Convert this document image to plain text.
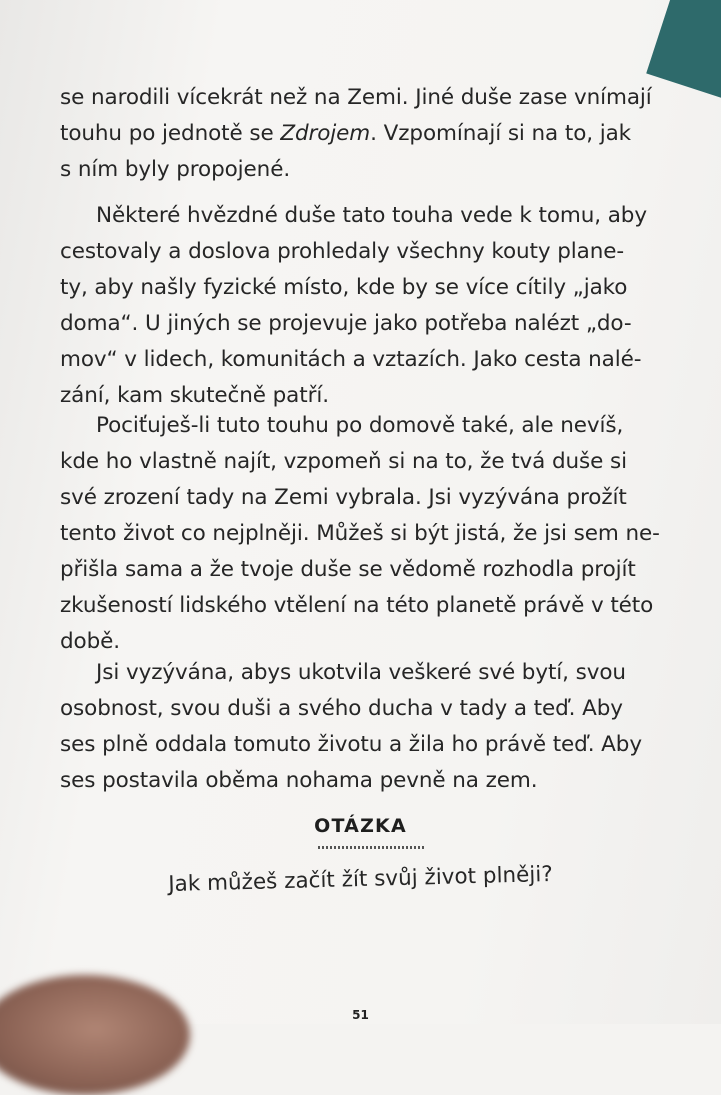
se narodili vícekrát než na Zemi. Jiné duše zase vnímají
touhu po jednotě se Zdrojem. Vzpomínají si na to, jak
s ním byly propojené.
Některé hvězdné duše tato touha vede k tomu, aby
cestovaly a doslova prohledaly všechny kouty plane-
ty, aby našly fyzické místo, kde by se více cítily „jako
doma“. U jiných se projevuje jako potřeba nalézt „do-
mov“ v lidech, komunitách a vztazích. Jako cesta nalé-
zání, kam skutečně patří.
Pociťuješ-li tuto touhu po domově také, ale nevíš,
kde ho vlastně najít, vzpomeň si na to, že tvá duše si
své zrození tady na Zemi vybrala. Jsi vyzývána prožít
tento život co nejplněji. Můžeš si být jistá, že jsi sem ne-
přišla sama a že tvoje duše se vědomě rozhodla projít
zkušeností lidského vtělení na této planetě právě v této
době.
Jsi vyzývána, abys ukotvila veškeré své bytí, svou
osobnost, svou duši a svého ducha v tady a teď. Aby
ses plně oddala tomuto životu a žila ho právě teď. Aby
ses postavila oběma nohama pevně na zem.
OTÁZKA
Jak můžeš začít žít svůj život plněji?
51
